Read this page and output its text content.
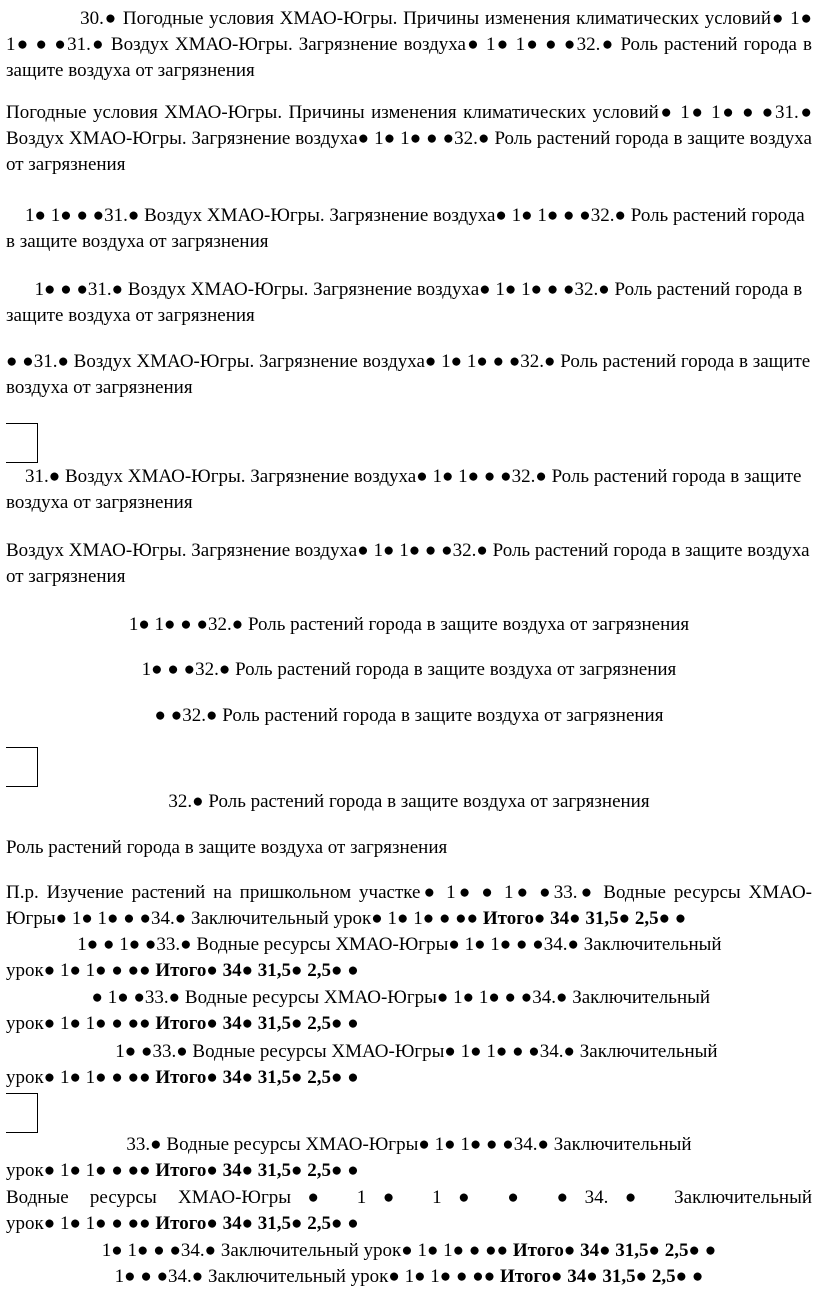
30.● Погодные условия ХМАО-Югры. Причины изменения климатических условий● 1● 1● ● ●31.● Воздух ХМАО-Югры. Загрязнение воздуха● 1● 1● ● ●32.● Роль растений города в защите воздуха от загрязнения

Погодные условия ХМАО-Югры. Причины изменения климатических условий● 1● 1● ● ●31.● Воздух ХМАО-Югры. Загрязнение воздуха● 1● 1● ● ●32.● Роль растений города в защите воздуха от загрязнения

1● 1● ● ●31.● Воздух ХМАО-Югры. Загрязнение воздуха● 1● 1● ● ●32.● Роль растений города в защите воздуха от загрязнения

1● ● ●31.● Воздух ХМАО-Югры. Загрязнение воздуха● 1● 1● ● ●32.● Роль растений города в защите воздуха от загрязнения

● ●31.● Воздух ХМАО-Югры. Загрязнение воздуха● 1● 1● ● ●32.● Роль растений города в защите воздуха от загрязнения

31.● Воздух ХМАО-Югры. Загрязнение воздуха● 1● 1● ● ●32.● Роль растений города в защите воздуха от загрязнения

Воздух ХМАО-Югры. Загрязнение воздуха● 1● 1● ● ●32.● Роль растений города в защите воздуха от загрязнения

1● 1● ● ●32.● Роль растений города в защите воздуха от загрязнения

1● ● ●32.● Роль растений города в защите воздуха от загрязнения

● ●32.● Роль растений города в защите воздуха от загрязнения

32.● Роль растений города в защите воздуха от загрязнения

Роль растений города в защите воздуха от загрязнения

П.р. Изучение растений на пришкольном участке● 1● ● 1● ●33.● Водные ресурсы ХМАО-
Югры● 1● 1● ● ●34.● Заключительный урок● 1● 1● ● ●● Итого● 34● 31,5● 2,5● ●
1● ● 1● ●33.● Водные ресурсы ХМАО-Югры● 1● 1● ● ●34.● Заключительный
урок● 1● 1● ● ●● Итого● 34● 31,5● 2,5● ●
● 1● ●33.● Водные ресурсы ХМАО-Югры● 1● 1● ● ●34.● Заключительный
урок● 1● 1● ● ●● Итого● 34● 31,5● 2,5● ●
1● ●33.● Водные ресурсы ХМАО-Югры● 1● 1● ● ●34.● Заключительный
урок● 1● 1● ● ●● Итого● 34● 31,5● 2,5● ●
33.● Водные ресурсы ХМАО-Югры● 1● 1● ● ●34.● Заключительный
урок● 1● 1● ● ●● Итого● 34● 31,5● 2,5● ●
Водные ресурсы ХМАО-Югры● 1● 1● ● ●34.● Заключительный
урок● 1● 1● ● ●● Итого● 34● 31,5● 2,5● ●

1● 1● ● ●34.● Заключительный урок● 1● 1● ● ●● Итого● 34● 31,5● 2,5● ●

1● ● ●34.● Заключительный урок● 1● 1● ● ●● Итого● 34● 31,5● 2,5● ●
